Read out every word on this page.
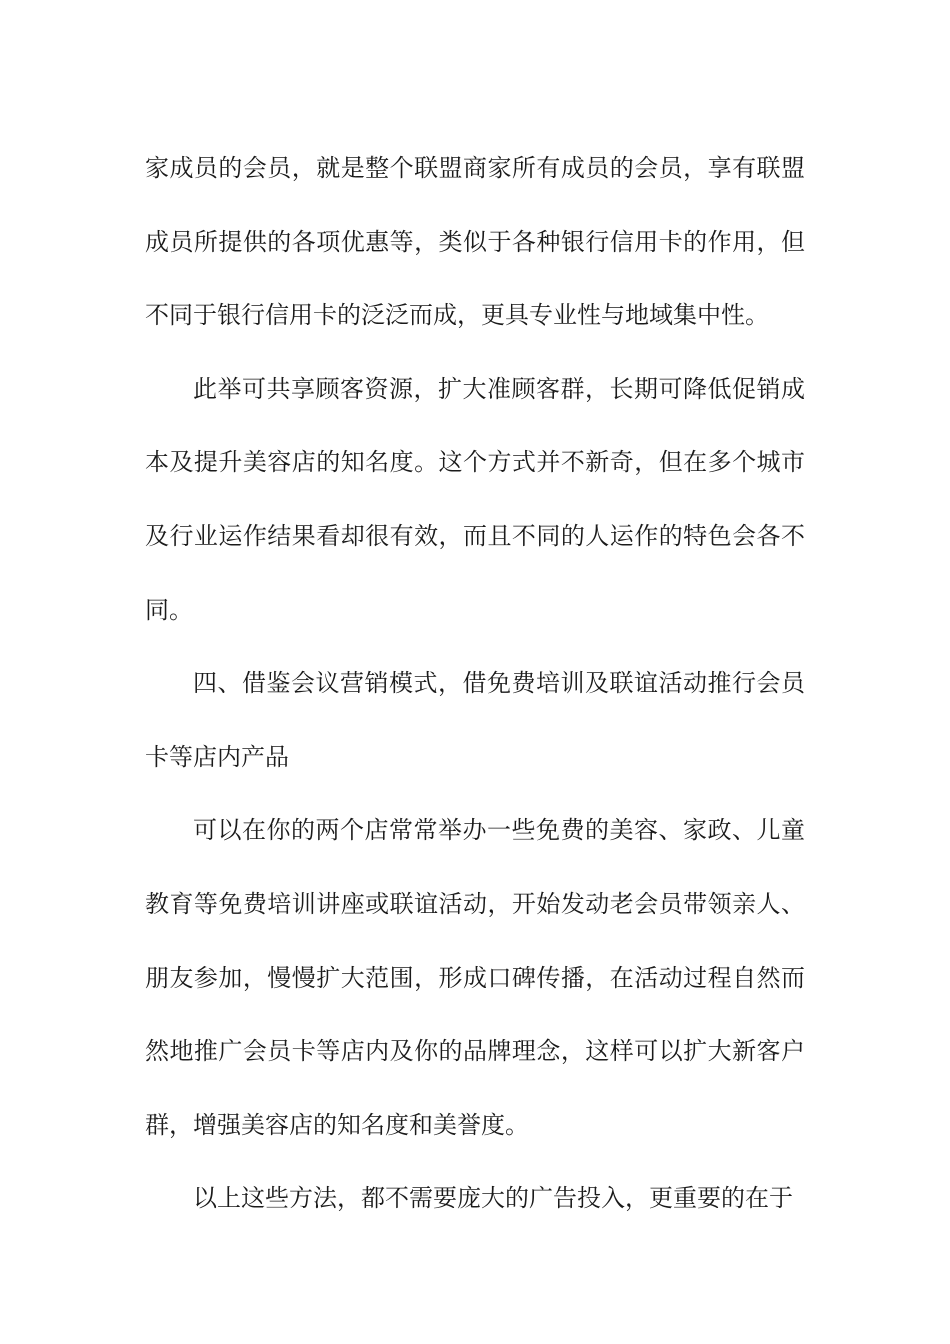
家成员的会员，就是整个联盟商家所有成员的会员，享有联盟成员所提供的各项优惠等，类似于各种银行信用卡的作用，但不同于银行信用卡的泛泛而成，更具专业性与地域集中性。

此举可共享顾客资源，扩大准顾客群，长期可降低促销成本及提升美容店的知名度。这个方式并不新奇，但在多个城市及行业运作结果看却很有效，而且不同的人运作的特色会各不同。

四、借鉴会议营销模式，借免费培训及联谊活动推行会员卡等店内产品

可以在你的两个店常常举办一些免费的美容、家政、儿童教育等免费培训讲座或联谊活动，开始发动老会员带领亲人、朋友参加，慢慢扩大范围，形成口碑传播，在活动过程自然而然地推广会员卡等店内及你的品牌理念，这样可以扩大新客户群，增强美容店的知名度和美誉度。

以上这些方法，都不需要庞大的广告投入，更重要的在于
